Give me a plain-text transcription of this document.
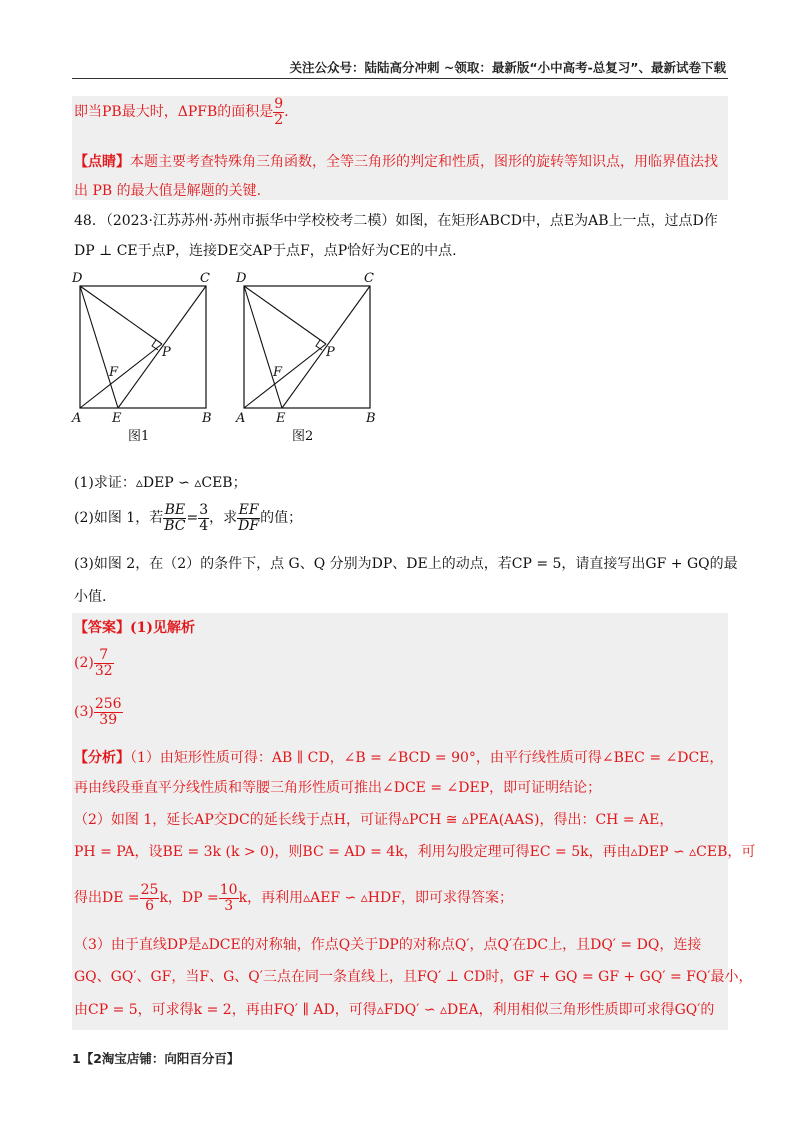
关注公众号：陆陆高分冲刺 ~领取：最新版“小中高考-总复习”、最新试卷下载
即当PB最大时，ΔPFB的面积是 $\frac{9}{2}$ .
【点睛】本题主要考查特殊角三角函数，全等三角形的判定和性质，图形的旋转等知识点，用临界值法找
出 PB 的最大值是解题的关键.
48．（2023·江苏苏州·苏州市振华中学校校考二模）如图，在矩形ABCD中，点E为AB上一点，过点D作
DP ⊥ CE于点P，连接DE交AP于点F，点P恰好为CE的中点.
D	C
P
F
A E	B
图1
D	C
P
F
A E	B
图2
(1)求证：▵DEP ∽ ▵CEB；
(2)如图 1，若 $\frac{BE}{BC} = \frac{3}{4}$ ，求 $\frac{EF}{DF}$ 的值；
(3)如图 2，在（2）的条件下，点 G、Q 分别为DP、DE上的动点，若CP = 5，请直接写出GF + GQ的最
小值.
【答案】(1)见解析
$(2) \frac{7}{32}$
$(3) \frac{256}{39}$
【分析】（1）由矩形性质可得：AB ∥ CD，∠B = ∠BCD = 90°，由平行线性质可得∠BEC = ∠DCE，
再由线段垂直平分线性质和等腰三角形性质可推出∠DCE = ∠DEP，即可证明结论；
（2）如图 1，延长AP交DC的延长线于点H，可证得▵PCH ≅ ▵PEA(AAS)，得出：CH = AE，
PH = PA，设BE = 3k (k > 0)，则BC = AD = 4k，利用勾股定理可得EC = 5k，再由▵DEP ∽ ▵CEB，可
得出DE = $\frac{25}{6}$ k，DP = $\frac{10}{3}$ k，再利用▵AEF ∽ ▵HDF，即可求得答案；
（3）由于直线DP是▵DCE的对称轴，作点Q关于DP的对称点Q′，点Q′在DC上，且DQ′ = DQ，连接
GQ、GQ′、GF，当F、G、Q′三点在同一条直线上，且FQ′ ⊥ CD时，GF + GQ = GF + GQ′ = FQ′最小，
由CP = 5，可求得k = 2，再由FQ′ ∥ AD，可得▵FDQ′ ∽ ▵DEA，利用相似三角形性质即可求得GQ′的
1【2淘宝店铺：向阳百分百】
